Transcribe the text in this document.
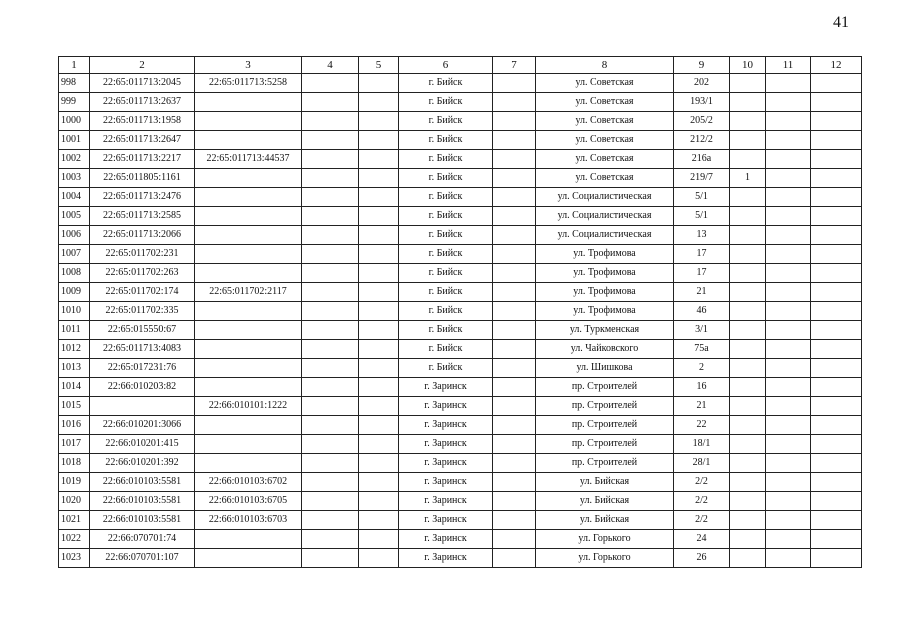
41
1	2	3	4	5	6	7	8	9	10	11	12
998	22:65:011713:2045	22:65:011713:5258			г. Бийск		ул. Советская	202			
999	22:65:011713:2637				г. Бийск		ул. Советская	193/1			
1000	22:65:011713:1958				г. Бийск		ул. Советская	205/2			
1001	22:65:011713:2647				г. Бийск		ул. Советская	212/2			
1002	22:65:011713:2217	22:65:011713:44537			г. Бийск		ул. Советская	216а			
1003	22:65:011805:1161				г. Бийск		ул. Советская	219/7	1		
1004	22:65:011713:2476				г. Бийск		ул. Социалистическая	5/1			
1005	22:65:011713:2585				г. Бийск		ул. Социалистическая	5/1			
1006	22:65:011713:2066				г. Бийск		ул. Социалистическая	13			
1007	22:65:011702:231				г. Бийск		ул. Трофимова	17			
1008	22:65:011702:263				г. Бийск		ул. Трофимова	17			
1009	22:65:011702:174	22:65:011702:2117			г. Бийск		ул. Трофимова	21			
1010	22:65:011702:335				г. Бийск		ул. Трофимова	46			
1011	22:65:015550:67				г. Бийск		ул. Туркменская	3/1			
1012	22:65:011713:4083				г. Бийск		ул. Чайковского	75а			
1013	22:65:017231:76				г. Бийск		ул. Шишкова	2			
1014	22:66:010203:82				г. Заринск		пр. Строителей	16			
1015		22:66:010101:1222			г. Заринск		пр. Строителей	21			
1016	22:66:010201:3066				г. Заринск		пр. Строителей	22			
1017	22:66:010201:415				г. Заринск		пр. Строителей	18/1			
1018	22:66:010201:392				г. Заринск		пр. Строителей	28/1			
1019	22:66:010103:5581	22:66:010103:6702			г. Заринск		ул. Бийская	2/2			
1020	22:66:010103:5581	22:66:010103:6705			г. Заринск		ул. Бийская	2/2			
1021	22:66:010103:5581	22:66:010103:6703			г. Заринск		ул. Бийская	2/2			
1022	22:66:070701:74				г. Заринск		ул. Горького	24			
1023	22:66:070701:107				г. Заринск		ул. Горького	26			
